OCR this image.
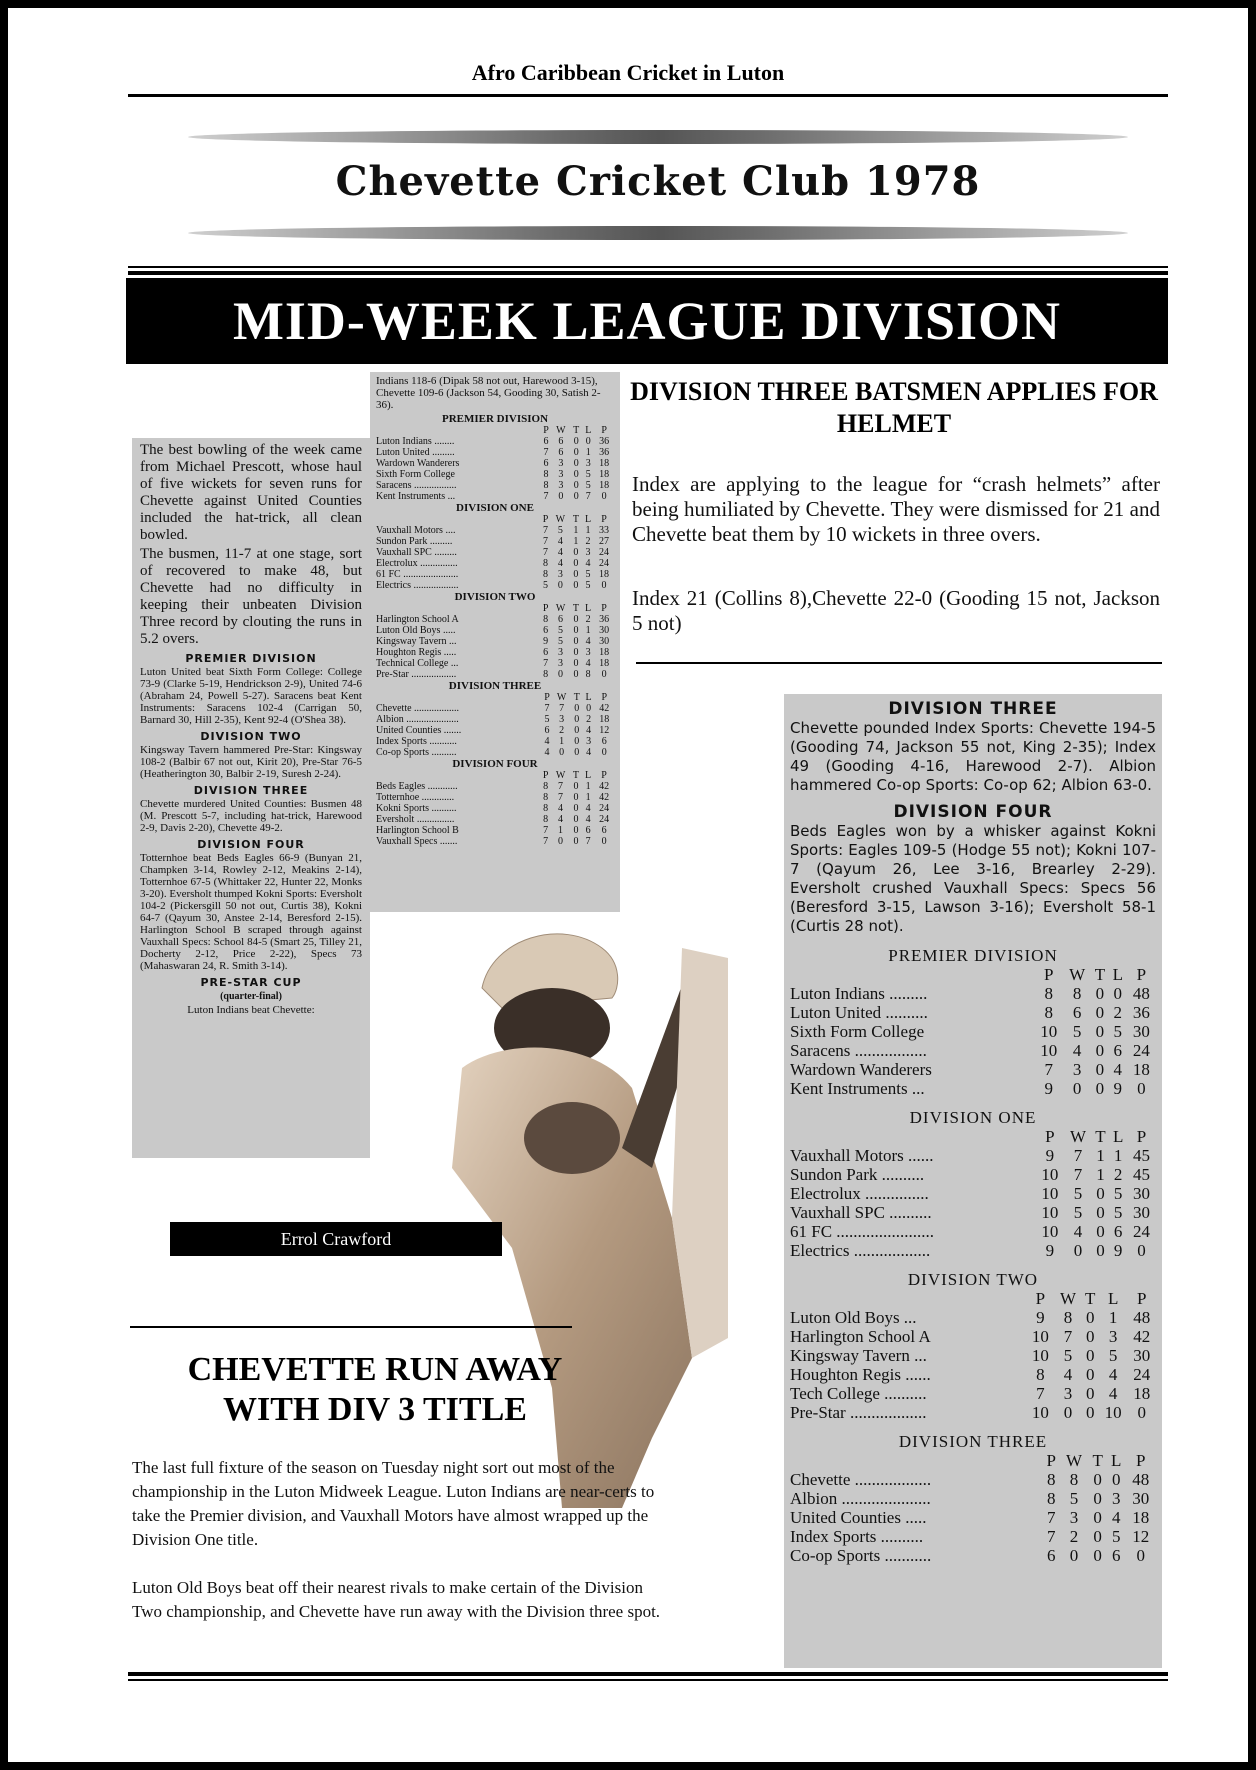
Afro Caribbean Cricket in Luton
Chevette Cricket Club 1978
MID-WEEK LEAGUE DIVISION

The best bowling of the week came from Michael Prescott, whose haul of five wickets for seven runs for Chevette against United Counties included the hat-trick, all clean bowled.

The busmen, 11-7 at one stage, sort of recovered to make 48, but Chevette had no difficulty in keeping their unbeaten Division Three record by clouting the runs in 5.2 overs.

PREMIER DIVISION

Luton United beat Sixth Form College: College 73-9 (Clarke 5-19, Hendrickson 2-9), United 74-6 (Abraham 24, Powell 5-27). Saracens beat Kent Instruments: Saracens 102-4 (Carrigan 50, Barnard 30, Hill 2-35), Kent 92-4 (O'Shea 38).

DIVISION TWO

Kingsway Tavern hammered Pre-Star: Kingsway 108-2 (Balbir 67 not out, Kirit 20), Pre-Star 76-5 (Heatherington 30, Balbir 2-19, Suresh 2-24).

DIVISION THREE

Chevette murdered United Counties: Busmen 48 (M. Prescott 5-7, including hat-trick, Harewood 2-9, Davis 2-20), Chevette 49-2.

DIVISION FOUR

Totternhoe beat Beds Eagles 66-9 (Bunyan 21, Champken 3-14, Rowley 2-12, Meakins 2-14), Totternhoe 67-5 (Whittaker 22, Hunter 22, Monks 3-20). Eversholt thumped Kokni Sports: Eversholt 104-2 (Pickersgill 50 not out, Curtis 38), Kokni 64-7 (Qayum 30, Anstee 2-14, Beresford 2-15). Harlington School B scraped through against Vauxhall Specs: School 84-5 (Smart 25, Tilley 21, Docherty 2-12, Price 2-22), Specs 73 (Mahaswaran 24, R. Smith 3-14).

PRE-STAR CUP
(quarter-final)

Luton Indians beat Chevette:

Indians 118-6 (Dipak 58 not out, Harewood 3-15), Chevette 109-6 (Jackson 54, Gooding 30, Satish 2-36).

PREMIER DIVISION
	P	W	T	L	P
Luton Indians ........	6	6	0	0	36
Luton United .........	7	6	0	1	36
Wardown Wanderers	6	3	0	3	18
Sixth Form College	8	3	0	5	18
Saracens .................	8	3	0	5	18
Kent Instruments ...	7	0	0	7	0
DIVISION ONE
	P	W	T	L	P
Vauxhall Motors ....	7	5	1	1	33
Sundon Park .........	7	4	1	2	27
Vauxhall SPC .........	7	4	0	3	24
Electrolux ...............	8	4	0	4	24
61 FC ......................	8	3	0	5	18
Electrics ..................	5	0	0	5	0
DIVISION TWO
	P	W	T	L	P
Harlington School A	8	6	0	2	36
Luton Old Boys .....	6	5	0	1	30
Kingsway Tavern ...	9	5	0	4	30
Houghton Regis .....	6	3	0	3	18
Technical College ...	7	3	0	4	18
Pre-Star ..................	8	0	0	8	0
DIVISION THREE
	P	W	T	L	P
Chevette ..................	7	7	0	0	42
Albion .....................	5	3	0	2	18
United Counties .......	6	2	0	4	12
Index Sports ...........	4	1	0	3	6
Co-op Sports ..........	4	0	0	4	0
DIVISION FOUR
	P	W	T	L	P
Beds Eagles ............	8	7	0	1	42
Totternhoe .............	8	7	0	1	42
Kokni Sports ..........	8	4	0	4	24
Eversholt ...............	8	4	0	4	24
Harlington School B	7	1	0	6	6
Vauxhall Specs .......	7	0	0	7	0
DIVISION THREE BATSMEN APPLIES FOR HELMET
Index are applying to the league for “crash helmets” after being humiliated by Chevette. They were dismissed for 21 and Chevette beat them by 10 wickets in three overs.
Index 21 (Collins 8),Chevette 22-0 (Gooding 15 not, Jackson 5 not)
DIVISION THREE

Chevette pounded Index Sports: Chevette 194-5 (Gooding 74, Jackson 55 not, King 2-35); Index 49 (Gooding 4-16, Harewood 2-7). Albion hammered Co-op Sports: Co-op 62; Albion 63-0.

DIVISION FOUR

Beds Eagles won by a whisker against Kokni Sports: Eagles 109-5 (Hodge 55 not); Kokni 107-7 (Qayum 26, Lee 3-16, Brearley 2-29). Eversholt crushed Vauxhall Specs: Specs 56 (Beresford 3-15, Lawson 3-16); Eversholt 58-1 (Curtis 28 not).

PREMIER DIVISION
	P	W	T	L	P
Luton Indians .........	8	8	0	0	48
Luton United ..........	8	6	0	2	36
Sixth Form College	10	5	0	5	30
Saracens .................	10	4	0	6	24
Wardown Wanderers	7	3	0	4	18
Kent Instruments ...	9	0	0	9	0
DIVISION ONE
	P	W	T	L	P
Vauxhall Motors ......	9	7	1	1	45
Sundon Park ..........	10	7	1	2	45
Electrolux ...............	10	5	0	5	30
Vauxhall SPC ..........	10	5	0	5	30
61 FC .......................	10	4	0	6	24
Electrics ..................	9	0	0	9	0
DIVISION TWO
	P	W	T	L	P
Luton Old Boys ...	9	8	0	1	48
Harlington School A	10	7	0	3	42
Kingsway Tavern ...	10	5	0	5	30
Houghton Regis ......	8	4	0	4	24
Tech College ..........	7	3	0	4	18
Pre-Star ..................	10	0	0	10	0
DIVISION THREE
	P	W	T	L	P
Chevette ..................	8	8	0	0	48
Albion .....................	8	5	0	3	30
United Counties .....	7	3	0	4	18
Index Sports ..........	7	2	0	5	12
Co-op Sports ...........	6	0	0	6	0
Errol Crawford
CHEVETTE RUN AWAY
WITH DIV 3 TITLE
The last full fixture of the season on Tuesday night sort out most of the championship in the Luton Midweek League. Luton Indians are near-certs to take the Premier division, and Vauxhall Motors have almost wrapped up the Division One title.
Luton Old Boys beat off their nearest rivals to make certain of the Division Two championship, and Chevette have run away with the Division three spot.
